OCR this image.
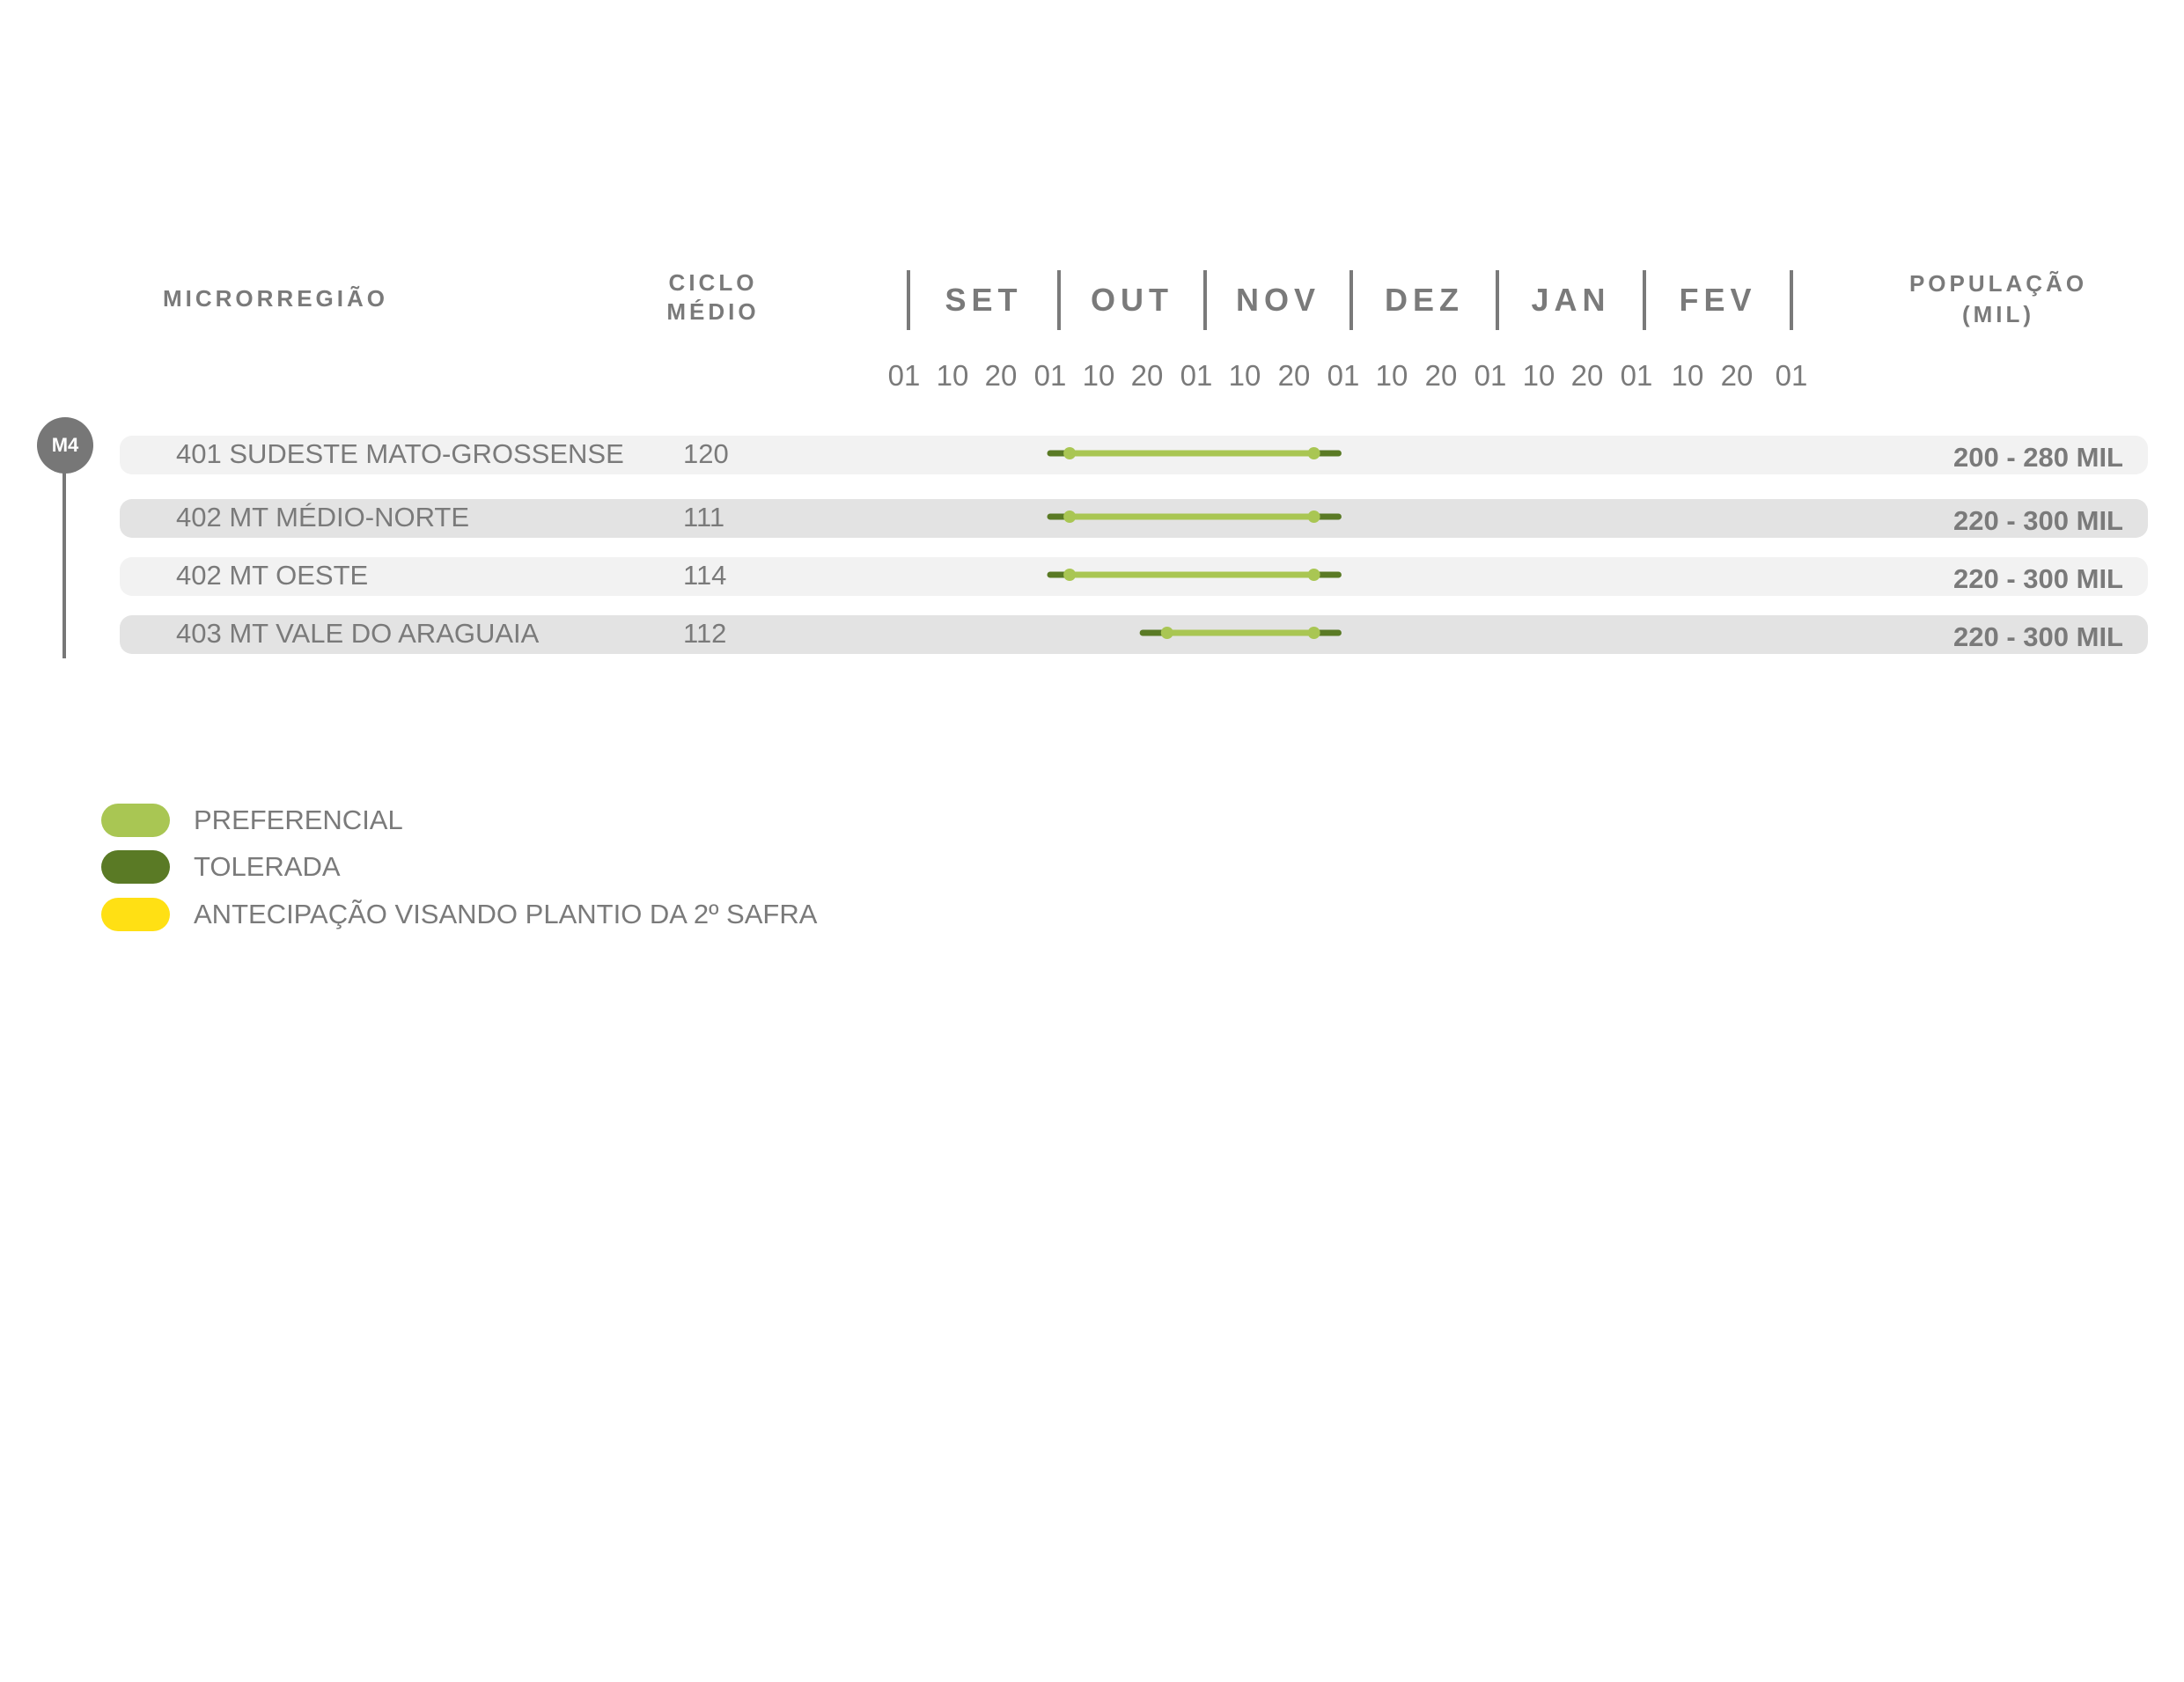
MICRORREGIÃO
CICLO
MÉDIO
POPULAÇÃO
(MIL)
SET	OUT	NOV	DEZ	JAN	FEV
01 10 20 01 10 20 01 10 20 01 10 20 01 10 20 01 10 20 01
M4	401 SUDESTE MATO-GROSSENSE	120	200 - 280 MIL
402 MT MÉDIO-NORTE	111	220 - 300 MIL
402 MT OESTE	114	220 - 300 MIL
403 MT VALE DO ARAGUAIA	112	220 - 300 MIL
PREFERENCIAL
TOLERADA
ANTECIPAÇÃO VISANDO PLANTIO DA 2º SAFRA
